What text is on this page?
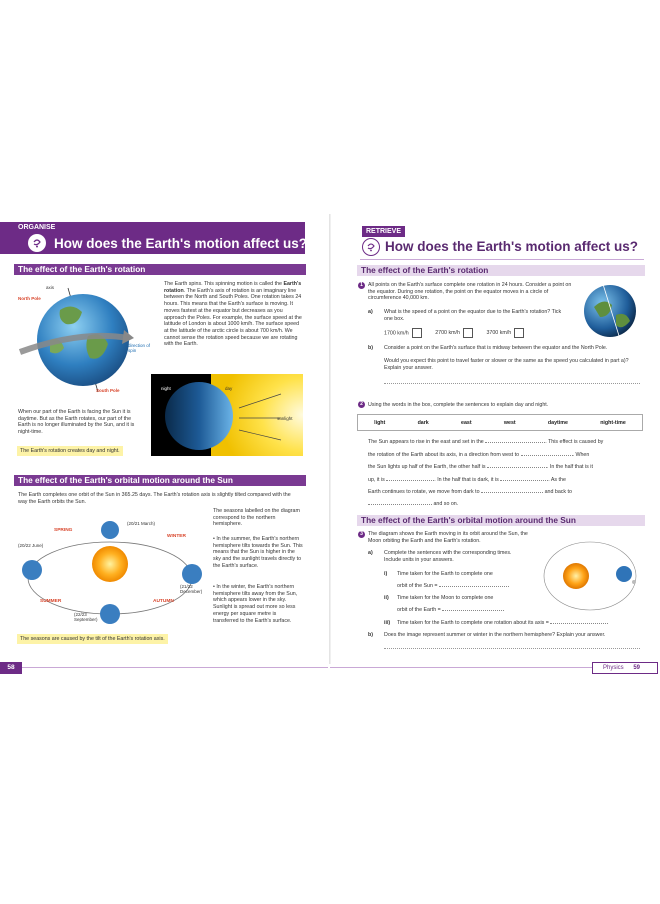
ORGANISE
How does the Earth's motion affect us?
The effect of the Earth's rotation
axis
North Pole
South Pole
direction of spin
The Earth spins. This spinning motion is called the Earth's rotation. The Earth's axis of rotation is an imaginary line between the North and South Poles. One rotation takes 24 hours. This means that the Earth's surface is moving. It moves fastest at the equator but decreases as you approach the Poles. For example, the surface speed at the latitude of London is about 1000 km/h. The surface speed at the latitude of the arctic circle is about 700 km/h. We cannot sense the rotation speed because we are rotating with the Earth.
night	day
sunlight
When our part of the Earth is facing the Sun it is daytime. But as the Earth rotates, our part of the Earth is no longer illuminated by the Sun, and it is night-time.
The Earth's rotation creates day and night.
The effect of the Earth's orbital motion around the Sun
The Earth completes one orbit of the Sun in 365.25 days. The Earth's rotation axis is slightly tilted compared with the way the Earth orbits the Sun.
SPRING
WINTER
SUMMER	AUTUMN
(20/21 March)
(20/22 June)
(21/22 December)
(22/23 September)
The seasons labelled on the diagram correspond to the northern hemisphere.
• In the summer, the Earth's northern hemisphere tilts towards the Sun. This means that the Sun is higher in the sky and the sunlight travels directly to the Earth's surface.
• In the winter, the Earth's northern hemisphere tilts away from the Sun, which appears lower in the sky. Sunlight is spread out more so less energy per square metre is transferred to the Earth's surface.
The seasons are caused by the tilt of the Earth's rotation axis.
58
RETRIEVE
How does the Earth's motion affect us?
The effect of the Earth's rotation
1 All points on the Earth's surface complete one rotation in 24 hours. Consider a point on the equator. During one rotation, the point on the equator moves in a circle of circumference 40,000 km.
a) What is the speed of a point on the equator due to the Earth's rotation? Tick one box.
1700 km/h	2700 km/h	3700 km/h
b) Consider a point on the Earth's surface that is midway between the equator and the North Pole.
Would you expect this point to travel faster or slower or the same as the speed you calculated in part a)? Explain your answer.
2 Using the words in the box, complete the sentences to explain day and night.
light	dark	east	west	daytime	night-time
The Sun appears to rise in the east and set in the	. This effect is caused by
the rotation of the Earth about its axis, in a direction from west to	. When
the Sun lights up half of the Earth, the other half is	. In the half that is it
up, it is	. In the half that is dark, it is	. As the
Earth continues to rotate, we move from dark to	and back to
and so on.
The effect of the Earth's orbital motion around the Sun
3 The diagram shows the Earth moving in its orbit around the Sun, the Moon orbiting the Earth and the Earth's rotation.
a) Complete the sentences with the corresponding times. Include units in your answers.
i) Time taken for the Earth to complete one
orbit of the Sun =
ii) Time taken for the Moon to complete one
orbit of the Earth =
iii) Time taken for the Earth to complete one rotation about its axis =
b) Does the image represent summer or winter in the northern hemisphere? Explain your answer.
Physics 59
